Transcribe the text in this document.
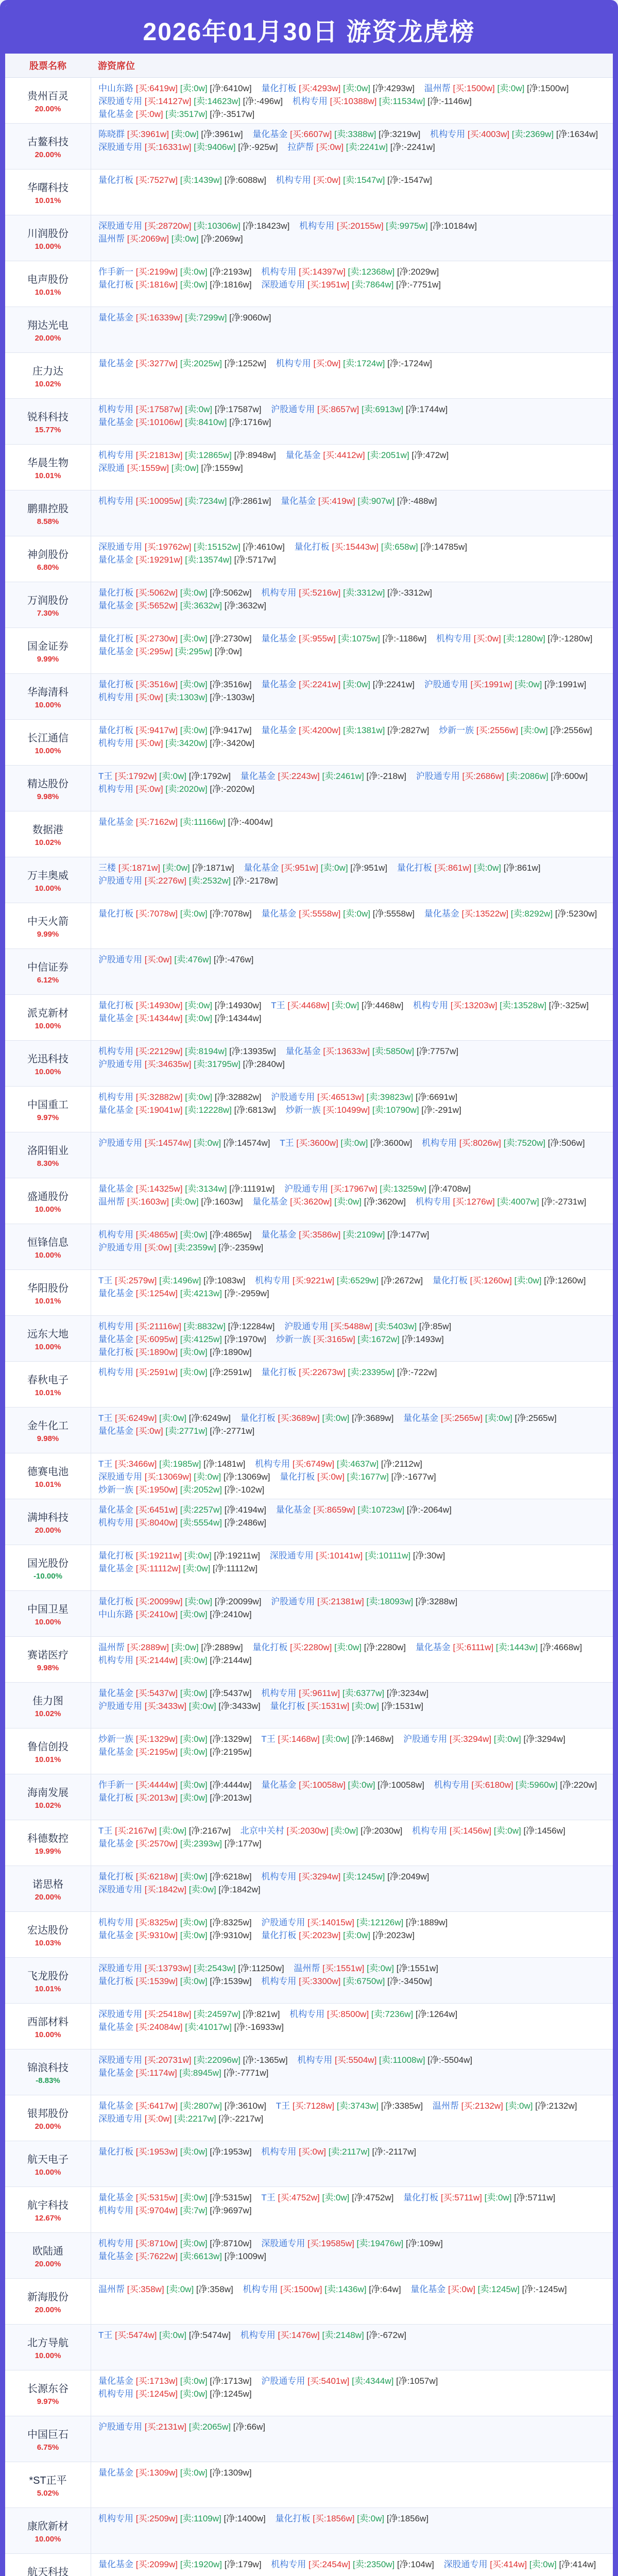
2026年01月30日 游资龙虎榜
股票名称	游资席位
贵州百灵
20.00%
中山东路 [买:6419w] [卖:0w] [净:6410w] 量化打板 [买:4293w] [卖:0w] [净:4293w] 温州帮 [买:1500w] [卖:0w] [净:1500w] 深股通专用 [买:14127w] [卖:14623w] [净:-496w] 机构专用 [买:10388w] [卖:11534w] [净:-1146w] 量化基金 [买:0w] [卖:3517w] [净:-3517w]
古鳌科技
20.00%
陈晓群 [买:3961w] [卖:0w] [净:3961w] 量化基金 [买:6607w] [卖:3388w] [净:3219w] 机构专用 [买:4003w] [卖:2369w] [净:1634w] 深股通专用 [买:16331w] [卖:9406w] [净:-925w] 拉萨帮 [买:0w] [卖:2241w] [净:-2241w]
华曙科技
10.01%
量化打板 [买:7527w] [卖:1439w] [净:6088w] 机构专用 [买:0w] [卖:1547w] [净:-1547w]
川润股份
10.00%
深股通专用 [买:28720w] [卖:10306w] [净:18423w] 机构专用 [买:20155w] [卖:9975w] [净:10184w] 温州帮 [买:2069w] [卖:0w] [净:2069w]
电声股份
10.01%
作手新一 [买:2199w] [卖:0w] [净:2193w] 机构专用 [买:14397w] [卖:12368w] [净:2029w] 量化打板 [买:1816w] [卖:0w] [净:1816w] 深股通专用 [买:1951w] [卖:7864w] [净:-7751w]
翔达光电
20.00%
量化基金 [买:16339w] [卖:7299w] [净:9060w]
庄力达
10.02%
量化基金 [买:3277w] [卖:2025w] [净:1252w] 机构专用 [买:0w] [卖:1724w] [净:-1724w]
锐科科技
15.77%
机构专用 [买:17587w] [卖:0w] [净:17587w] 沪股通专用 [买:8657w] [卖:6913w] [净:1744w] 量化基金 [买:10106w] [卖:8410w] [净:1716w]
华晨生物
10.01%
机构专用 [买:21813w] [卖:12865w] [净:8948w] 量化基金 [买:4412w] [卖:2051w] [净:472w] 深股通 [买:1559w] [卖:0w] [净:1559w]
鹏鼎控股
8.58%
机构专用 [买:10095w] [卖:7234w] [净:2861w] 量化基金 [买:419w] [卖:907w] [净:-488w]
神剑股份
6.80%
深股通专用 [买:19762w] [卖:15152w] [净:4610w] 量化打板 [买:15443w] [卖:658w] [净:14785w] 量化基金 [买:19291w] [卖:13574w] [净:5717w]
万润股份
7.30%
量化打板 [买:5062w] [卖:0w] [净:5062w] 机构专用 [买:5216w] [卖:3312w] [净:-3312w] 量化基金 [买:5652w] [卖:3632w] [净:3632w]
国金证券
9.99%
量化打板 [买:2730w] [卖:0w] [净:2730w] 量化基金 [买:955w] [卖:1075w] [净:-1186w] 机构专用 [买:0w] [卖:1280w] [净:-1280w] 量化基金 [买:295w] [卖:295w] [净:0w]
华海清科
10.00%
量化打板 [买:3516w] [卖:0w] [净:3516w] 量化基金 [买:2241w] [卖:0w] [净:2241w] 沪股通专用 [买:1991w] [卖:0w] [净:1991w] 机构专用 [买:0w] [卖:1303w] [净:-1303w]
长江通信
10.00%
量化打板 [买:9417w] [卖:0w] [净:9417w] 量化基金 [买:4200w] [卖:1381w] [净:2827w] 炒新一族 [买:2556w] [卖:0w] [净:2556w] 机构专用 [买:0w] [卖:3420w] [净:-3420w]
精达股份
9.98%
T王 [买:1792w] [卖:0w] [净:1792w] 量化基金 [买:2243w] [卖:2461w] [净:-218w] 沪股通专用 [买:2686w] [卖:2086w] [净:600w] 机构专用 [买:0w] [卖:2020w] [净:-2020w]
数据港
10.02%
量化基金 [买:7162w] [卖:11166w] [净:-4004w]
万丰奥威
10.00%
三楼 [买:1871w] [卖:0w] [净:1871w] 量化基金 [买:951w] [卖:0w] [净:951w] 量化打板 [买:861w] [卖:0w] [净:861w] 沪股通专用 [买:2276w] [卖:2532w] [净:-2178w]
中天火箭
9.99%
量化打板 [买:7078w] [卖:0w] [净:7078w] 量化基金 [买:5558w] [卖:0w] [净:5558w] 量化基金 [买:13522w] [卖:8292w] [净:5230w]
中信证券
6.12%
沪股通专用 [买:0w] [卖:476w] [净:-476w]
派克新材
10.00%
量化打板 [买:14930w] [卖:0w] [净:14930w] T王 [买:4468w] [卖:0w] [净:4468w] 机构专用 [买:13203w] [卖:13528w] [净:-325w] 量化基金 [买:14344w] [卖:0w] [净:14344w]
光迅科技
10.00%
机构专用 [买:22129w] [卖:8194w] [净:13935w] 量化基金 [买:13633w] [卖:5850w] [净:7757w] 沪股通专用 [买:34635w] [卖:31795w] [净:2840w]
中国重工
9.97%
机构专用 [买:32882w] [卖:0w] [净:32882w] 沪股通专用 [买:46513w] [卖:39823w] [净:6691w] 量化基金 [买:19041w] [卖:12228w] [净:6813w] 炒新一族 [买:10499w] [卖:10790w] [净:-291w]
洛阳钼业
8.30%
沪股通专用 [买:14574w] [卖:0w] [净:14574w] T王 [买:3600w] [卖:0w] [净:3600w] 机构专用 [买:8026w] [卖:7520w] [净:506w]
盛通股份
10.00%
量化基金 [买:14325w] [卖:3134w] [净:11191w] 沪股通专用 [买:17967w] [卖:13259w] [净:4708w] 温州帮 [买:1603w] [卖:0w] [净:1603w] 量化基金 [买:3620w] [卖:0w] [净:3620w] 机构专用 [买:1276w] [卖:4007w] [净:-2731w]
恒锋信息
10.00%
机构专用 [买:4865w] [卖:0w] [净:4865w] 量化基金 [买:3586w] [卖:2109w] [净:1477w] 沪股通专用 [买:0w] [卖:2359w] [净:-2359w]
华阳股份
10.01%
T王 [买:2579w] [卖:1496w] [净:1083w] 机构专用 [买:9221w] [卖:6529w] [净:2672w] 量化打板 [买:1260w] [卖:0w] [净:1260w] 量化基金 [买:1254w] [卖:4213w] [净:-2959w]
远东大地
10.00%
机构专用 [买:21116w] [卖:8832w] [净:12284w] 沪股通专用 [买:5488w] [卖:5403w] [净:85w] 量化基金 [买:6095w] [卖:4125w] [净:1970w] 炒新一族 [买:3165w] [卖:1672w] [净:1493w] 量化打板 [买:1890w] [卖:0w] [净:1890w]
春秋电子
10.01%
机构专用 [买:2591w] [卖:0w] [净:2591w] 量化打板 [买:22673w] [卖:23395w] [净:-722w]
金牛化工
9.98%
T王 [买:6249w] [卖:0w] [净:6249w] 量化打板 [买:3689w] [卖:0w] [净:3689w] 量化基金 [买:2565w] [卖:0w] [净:2565w] 量化基金 [买:0w] [卖:2771w] [净:-2771w]
德赛电池
10.01%
T王 [买:3466w] [卖:1985w] [净:1481w] 机构专用 [买:6749w] [卖:4637w] [净:2112w] 深股通专用 [买:13069w] [卖:0w] [净:13069w] 量化打板 [买:0w] [卖:1677w] [净:-1677w] 炒新一族 [买:1950w] [卖:2052w] [净:-102w]
满坤科技
20.00%
量化基金 [买:6451w] [卖:2257w] [净:4194w] 量化基金 [买:8659w] [卖:10723w] [净:-2064w] 机构专用 [买:8040w] [卖:5554w] [净:2486w]
国光股份
-10.00%
量化打板 [买:19211w] [卖:0w] [净:19211w] 深股通专用 [买:10141w] [卖:10111w] [净:30w] 量化基金 [买:11112w] [卖:0w] [净:11112w]
中国卫星
10.00%
量化打板 [买:20099w] [卖:0w] [净:20099w] 沪股通专用 [买:21381w] [卖:18093w] [净:3288w] 中山东路 [买:2410w] [卖:0w] [净:2410w]
赛诺医疗
9.98%
温州帮 [买:2889w] [卖:0w] [净:2889w] 量化打板 [买:2280w] [卖:0w] [净:2280w] 量化基金 [买:6111w] [卖:1443w] [净:4668w] 机构专用 [买:2144w] [卖:0w] [净:2144w]
佳力图
10.02%
量化基金 [买:5437w] [卖:0w] [净:5437w] 机构专用 [买:9611w] [卖:6377w] [净:3234w] 沪股通专用 [买:3433w] [卖:0w] [净:3433w] 量化打板 [买:1531w] [卖:0w] [净:1531w]
鲁信创投
10.01%
炒新一族 [买:1329w] [卖:0w] [净:1329w] T王 [买:1468w] [卖:0w] [净:1468w] 沪股通专用 [买:3294w] [卖:0w] [净:3294w] 量化基金 [买:2195w] [卖:0w] [净:2195w]
海南发展
10.02%
作手新一 [买:4444w] [卖:0w] [净:4444w] 量化基金 [买:10058w] [卖:0w] [净:10058w] 机构专用 [买:6180w] [卖:5960w] [净:220w] 量化打板 [买:2013w] [卖:0w] [净:2013w]
科德数控
19.99%
T王 [买:2167w] [卖:0w] [净:2167w] 北京中关村 [买:2030w] [卖:0w] [净:2030w] 机构专用 [买:1456w] [卖:0w] [净:1456w] 量化基金 [买:2570w] [卖:2393w] [净:177w]
诺思格
20.00%
量化打板 [买:6218w] [卖:0w] [净:6218w] 机构专用 [买:3294w] [卖:1245w] [净:2049w] 深股通专用 [买:1842w] [卖:0w] [净:1842w]
宏达股份
10.03%
机构专用 [买:8325w] [卖:0w] [净:8325w] 沪股通专用 [买:14015w] [卖:12126w] [净:1889w] 量化基金 [买:9310w] [卖:0w] [净:9310w] 量化打板 [买:2023w] [卖:0w] [净:2023w]
飞龙股份
10.01%
深股通专用 [买:13793w] [卖:2543w] [净:11250w] 温州帮 [买:1551w] [卖:0w] [净:1551w] 量化打板 [买:1539w] [卖:0w] [净:1539w] 机构专用 [买:3300w] [卖:6750w] [净:-3450w]
西部材料
10.00%
深股通专用 [买:25418w] [卖:24597w] [净:821w] 机构专用 [买:8500w] [卖:7236w] [净:1264w] 量化基金 [买:24084w] [卖:41017w] [净:-16933w]
锦浪科技
-8.83%
深股通专用 [买:20731w] [卖:22096w] [净:-1365w] 机构专用 [买:5504w] [卖:11008w] [净:-5504w] 量化基金 [买:1174w] [卖:8945w] [净:-7771w]
银邦股份
20.00%
量化基金 [买:6417w] [卖:2807w] [净:3610w] T王 [买:7128w] [卖:3743w] [净:3385w] 温州帮 [买:2132w] [卖:0w] [净:2132w] 深股通专用 [买:0w] [卖:2217w] [净:-2217w]
航天电子
10.00%
量化打板 [买:1953w] [卖:0w] [净:1953w] 机构专用 [买:0w] [卖:2117w] [净:-2117w]
航宇科技
12.67%
量化基金 [买:5315w] [卖:0w] [净:5315w] T王 [买:4752w] [卖:0w] [净:4752w] 量化打板 [买:5711w] [卖:0w] [净:5711w] 机构专用 [买:9704w] [卖:7w] [净:9697w]
欧陆通
20.00%
机构专用 [买:8710w] [卖:0w] [净:8710w] 深股通专用 [买:19585w] [卖:19476w] [净:109w] 量化基金 [买:7622w] [卖:6613w] [净:1009w]
新海股份
20.00%
温州帮 [买:358w] [卖:0w] [净:358w] 机构专用 [买:1500w] [卖:1436w] [净:64w] 量化基金 [买:0w] [卖:1245w] [净:-1245w]
北方导航
10.00%
T王 [买:5474w] [卖:0w] [净:5474w] 机构专用 [买:1476w] [卖:2148w] [净:-672w]
长源东谷
9.97%
量化基金 [买:1713w] [卖:0w] [净:1713w] 沪股通专用 [买:5401w] [卖:4344w] [净:1057w] 机构专用 [买:1245w] [卖:0w] [净:1245w]
中国巨石
6.75%
沪股通专用 [买:2131w] [卖:2065w] [净:66w]
*ST正平
5.02%
量化基金 [买:1309w] [卖:0w] [净:1309w]
康欣新材
10.00%
机构专用 [买:2509w] [卖:1109w] [净:1400w] 量化打板 [买:1856w] [卖:0w] [净:1856w]
航天科技
量化基金 [买:2099w] [卖:1920w] [净:179w] 机构专用 [买:2454w] [卖:2350w] [净:104w] 深股通专用 [买:414w] [卖:0w] [净:414w]
